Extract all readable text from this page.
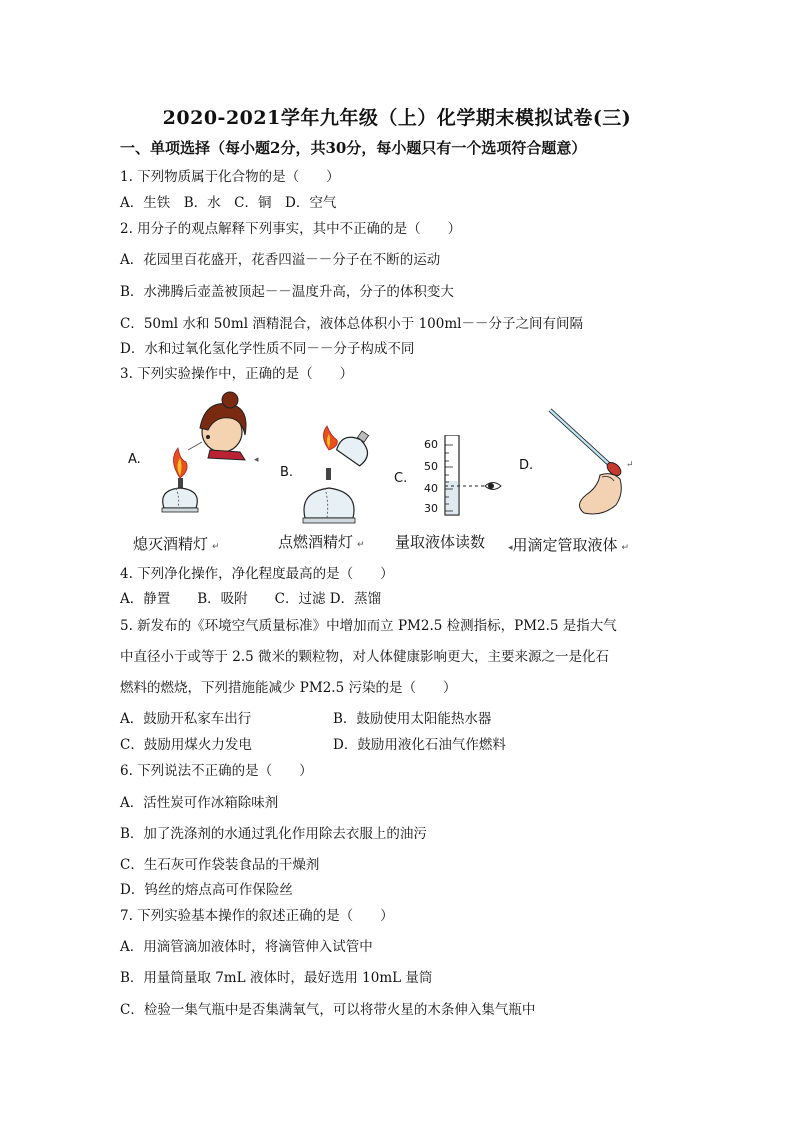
2020-2021学年九年级（上）化学期末模拟试卷(三)
一、单项选择（每小题2分，共30分，每小题只有一个选项符合题意）
1. 下列物质属于化合物的是（　　）
A．生铁　B．水　C．铜　D．空气
2. 用分子的观点解释下列事实，其中不正确的是（　　）
A．花园里百花盛开，花香四溢－－分子在不断的运动
B．水沸腾后壶盖被顶起－－温度升高，分子的体积变大
C．50ml 水和 50ml 酒精混合，液体总体积小于 100ml－－分子之间有间隔
D．水和过氧化氢化学性质不同－－分子构成不同
3. 下列实验操作中，正确的是（　　）
A.
B.	C.
D.
◂
60
50
40
30
↵
熄灭酒精灯 ↵	点燃酒精灯 ↵ 量取液体读数	◂用滴定管取液体 ↵
4. 下列净化操作，净化程度最高的是（　　）
A．静置　　B．吸附　　C．过滤 D．蒸馏
5. 新发布的《环境空气质量标准》中增加而立 PM2.5 检测指标，PM2.5 是指大气
中直径小于或等于 2.5 微米的颗粒物，对人体健康影响更大，主要来源之一是化石
燃料的燃烧，下列措施能减少 PM2.5 污染的是（　　）
A．鼓励开私家车出行	B．鼓励使用太阳能热水器
C．鼓励用煤火力发电	D．鼓励用液化石油气作燃料
6. 下列说法不正确的是（　　）
A．活性炭可作冰箱除味剂
B．加了洗涤剂的水通过乳化作用除去衣服上的油污
C．生石灰可作袋装食品的干燥剂
D．钨丝的熔点高可作保险丝
7. 下列实验基本操作的叙述正确的是（　　）
A．用滴管滴加液体时，将滴管伸入试管中
B．用量筒量取 7mL 液体时，最好选用 10mL 量筒
C．检验一集气瓶中是否集满氧气，可以将带火星的木条伸入集气瓶中
